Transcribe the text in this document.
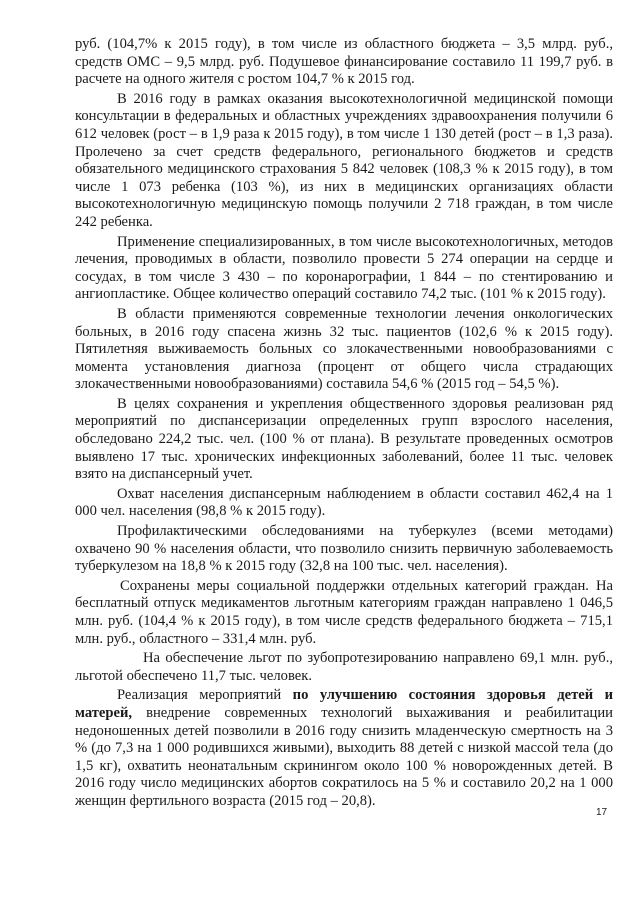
руб. (104,7% к 2015 году), в том числе из областного бюджета – 3,5 млрд. руб., средств ОМС – 9,5 млрд. руб. Подушевое финансирование составило 11 199,7 руб. в расчете на одного жителя с ростом 104,7 % к 2015 год.

В 2016 году в рамках оказания высокотехнологичной медицинской помощи консультации в федеральных и областных учреждениях здравоохранения получили 6 612 человек (рост – в 1,9 раза к 2015 году), в том числе 1 130 детей (рост – в 1,3 раза). Пролечено за счет средств федерального, регионального бюджетов и средств обязательного медицинского страхования 5 842 человек (108,3 % к 2015 году), в том числе 1 073 ребенка (103 %), из них в медицинских организациях области высокотехнологичную медицинскую помощь получили 2 718 граждан, в том числе 242 ребенка.

Применение специализированных, в том числе высокотехнологичных, методов лечения, проводимых в области, позволило провести 5 274 операции на сердце и сосудах, в том числе 3 430 – по коронарографии, 1 844 – по стентированию и ангиопластике. Общее количество операций составило 74,2 тыс. (101 % к 2015 году).

В области применяются современные технологии лечения онкологических больных, в 2016 году спасена жизнь 32 тыс. пациентов (102,6 % к 2015 году). Пятилетняя выживаемость больных со злокачественными новообразованиями с момента установления диагноза (процент от общего числа страдающих злокачественными новообразованиями) составила 54,6 % (2015 год – 54,5 %).

В целях сохранения и укрепления общественного здоровья реализован ряд мероприятий по диспансеризации определенных групп взрослого населения, обследовано 224,2 тыс. чел. (100 % от плана). В результате проведенных осмотров выявлено 17 тыс. хронических инфекционных заболеваний, более 11 тыс. человек взято на диспансерный учет.

Охват населения диспансерным наблюдением в области составил 462,4 на 1 000 чел. населения (98,8 % к 2015 году).

Профилактическими обследованиями на туберкулез (всеми методами) охвачено 90 % населения области, что позволило снизить первичную заболеваемость туберкулезом на 18,8 % к 2015 году (32,8 на 100 тыс. чел. населения).

Сохранены меры социальной поддержки отдельных категорий граждан. На бесплатный отпуск медикаментов льготным категориям граждан направлено 1 046,5 млн. руб. (104,4 % к 2015 году), в том числе средств федерального бюджета – 715,1 млн. руб., областного – 331,4 млн. руб.

На обеспечение льгот по зубопротезированию направлено 69,1 млн. руб., льготой обеспечено 11,7 тыс. человек.

Реализация мероприятий по улучшению состояния здоровья детей и матерей, внедрение современных технологий выхаживания и реабилитации недоношенных детей позволили в 2016 году снизить младенческую смертность на 3 % (до 7,3 на 1 000 родившихся живыми), выходить 88 детей с низкой массой тела (до 1,5 кг), охватить неонатальным скринингом около 100 % новорожденных детей. В 2016 году число медицинских абортов сократилось на 5 % и составило 20,2 на 1 000 женщин фертильного возраста (2015 год – 20,8).

17
